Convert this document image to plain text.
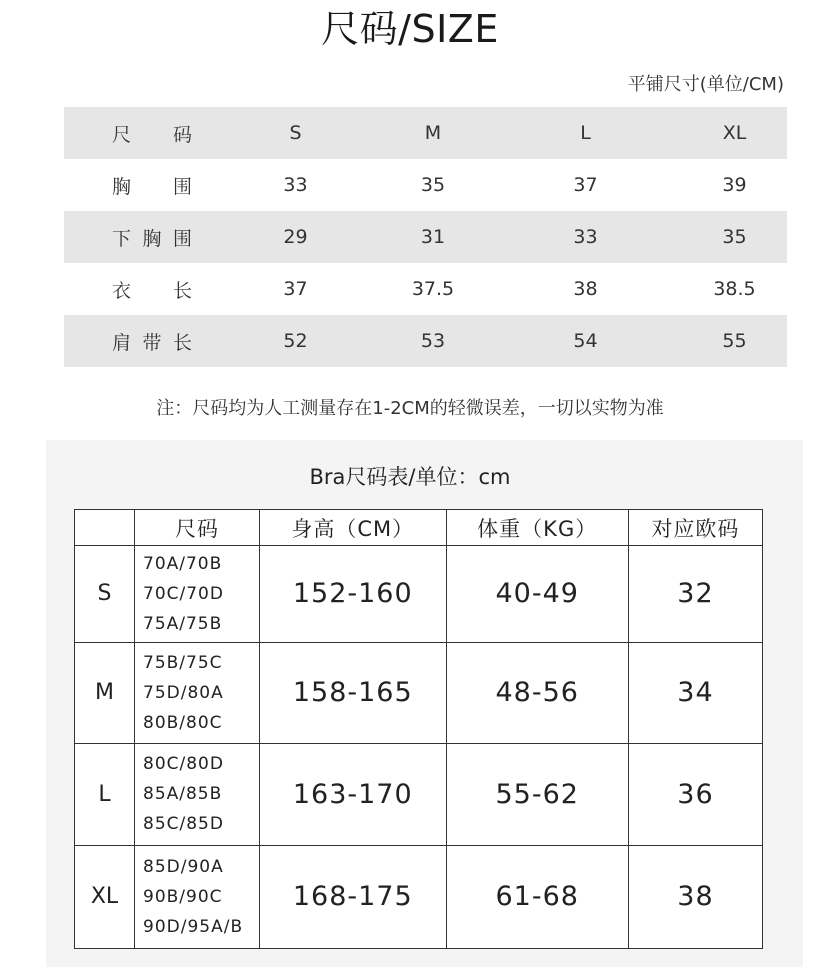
尺码/SIZE
平铺尺寸(单位/CM)
尺码	S	M	L	XL
胸围	33	35	37	39
下胸围	29	31	33	35
衣长	37	37.5	38	38.5
肩带长	52	53	54	55
注：尺码均为人工测量存在1-2CM的轻微误差，一切以实物为准
Bra尺码表/单位：cm
	尺码	身高（CM）	体重（KG）	对应欧码
S	70A/70B
70C/70D
75A/75B	152-160	40-49	32
M	75B/75C
75D/80A
80B/80C	158-165	48-56	34
L	80C/80D
85A/85B
85C/85D	163-170	55-62	36
XL	85D/90A
90B/90C
90D/95A/B	168-175	61-68	38
